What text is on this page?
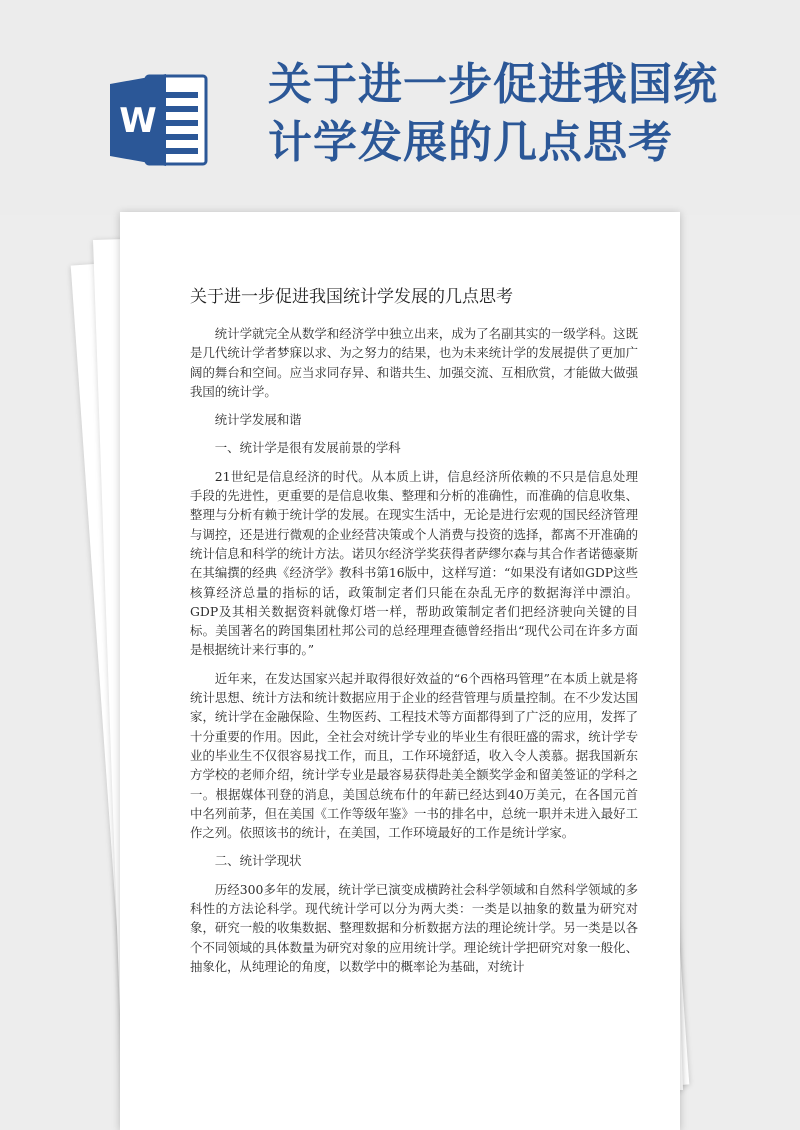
W
关于进一步促进我国统
计学发展的几点思考
关于进一步促进我国统计学发展的几点思考

统计学就完全从数学和经济学中独立出来，成为了名副其实的一级学科。这既是几代统计学者梦寐以求、为之努力的结果，也为未来统计学的发展提供了更加广阔的舞台和空间。应当求同存异、和谐共生、加强交流、互相欣赏，才能做大做强我国的统计学。

统计学发展和谐

一、统计学是很有发展前景的学科

21世纪是信息经济的时代。从本质上讲，信息经济所依赖的不只是信息处理手段的先进性，更重要的是信息收集、整理和分析的准确性，而准确的信息收集、整理与分析有赖于统计学的发展。在现实生活中，无论是进行宏观的国民经济管理与调控，还是进行微观的企业经营决策或个人消费与投资的选择，都离不开准确的统计信息和科学的统计方法。诺贝尔经济学奖获得者萨缪尔森与其合作者诺德豪斯在其编撰的经典《经济学》教科书第16版中，这样写道：“如果没有诸如GDP这些核算经济总量的指标的话，政策制定者们只能在杂乱无序的数据海洋中漂泊。GDP及其相关数据资料就像灯塔一样，帮助政策制定者们把经济驶向关键的目标。美国著名的跨国集团杜邦公司的总经理理查德曾经指出“现代公司在许多方面是根据统计来行事的。”

近年来，在发达国家兴起并取得很好效益的“6个西格玛管理”在本质上就是将统计思想、统计方法和统计数据应用于企业的经营管理与质量控制。在不少发达国家，统计学在金融保险、生物医药、工程技术等方面都得到了广泛的应用，发挥了十分重要的作用。因此，全社会对统计学专业的毕业生有很旺盛的需求，统计学专业的毕业生不仅很容易找工作，而且，工作环境舒适，收入令人羡慕。据我国新东方学校的老师介绍，统计学专业是最容易获得赴美全额奖学金和留美签证的学科之一。根据媒体刊登的消息，美国总统布什的年薪已经达到40万美元，在各国元首中名列前茅，但在美国《工作等级年鉴》一书的排名中，总统一职并未进入最好工作之列。依照该书的统计，在美国，工作环境最好的工作是统计学家。

二、统计学现状

历经300多年的发展，统计学已演变成横跨社会科学领域和自然科学领域的多科性的方法论科学。现代统计学可以分为两大类：一类是以抽象的数量为研究对象，研究一般的收集数据、整理数据和分析数据方法的理论统计学。另一类是以各个不同领域的具体数量为研究对象的应用统计学。理论统计学把研究对象一般化、抽象化，从纯理论的角度，以数学中的概率论为基础，对统计
